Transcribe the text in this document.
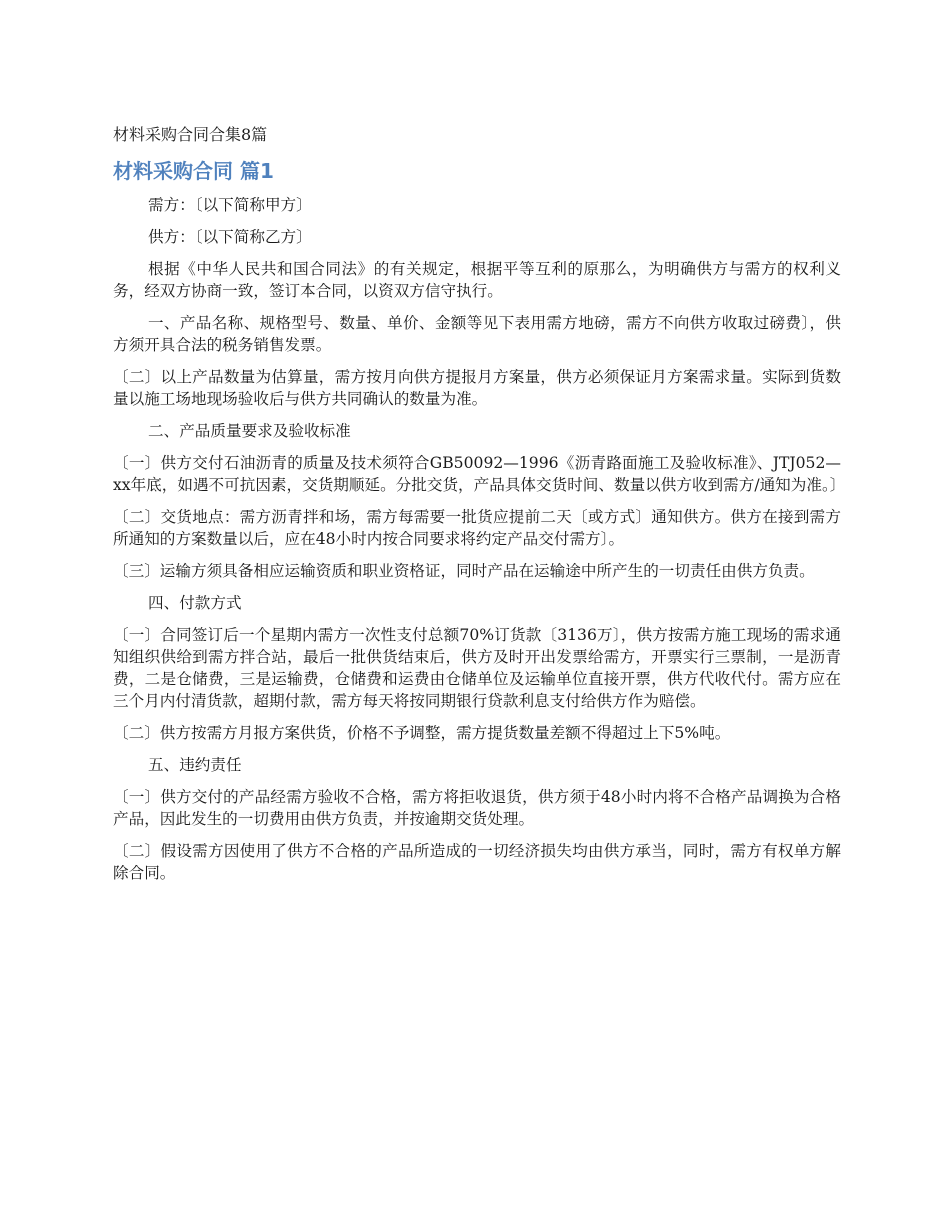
材料采购合同合集8篇
材料采购合同 篇1

需方：〔以下简称甲方〕

供方：〔以下简称乙方〕

根据《中华人民共和国合同法》的有关规定，根据平等互利的原那么，为明确供方与需方的权利义务，经双方协商一致，签订本合同，以资双方信守执行。

一、产品名称、规格型号、数量、单价、金额等见下表用需方地磅，需方不向供方收取过磅费〕，供方须开具合法的税务销售发票。

〔二〕以上产品数量为估算量，需方按月向供方提报月方案量，供方必须保证月方案需求量。实际到货数量以施工场地现场验收后与供方共同确认的数量为准。

二、产品质量要求及验收标准

〔一〕供方交付石油沥青的质量及技术须符合GB50092—1996《沥青路面施工及验收标准》、JTJ052—xx年底，如遇不可抗因素，交货期顺延。分批交货，产品具体交货时间、数量以供方收到需方/通知为准。〕

〔二〕交货地点：需方沥青拌和场，需方每需要一批货应提前二天〔或方式〕通知供方。供方在接到需方所通知的方案数量以后，应在48小时内按合同要求将约定产品交付需方〕。

〔三〕运输方须具备相应运输资质和职业资格证，同时产品在运输途中所产生的一切责任由供方负责。

四、付款方式

〔一〕合同签订后一个星期内需方一次性支付总额70%订货款〔3136万〕，供方按需方施工现场的需求通知组织供给到需方拌合站，最后一批供货结束后，供方及时开出发票给需方，开票实行三票制，一是沥青费，二是仓储费，三是运输费，仓储费和运费由仓储单位及运输单位直接开票，供方代收代付。需方应在三个月内付清货款，超期付款，需方每天将按同期银行贷款利息支付给供方作为赔偿。

〔二〕供方按需方月报方案供货，价格不予调整，需方提货数量差额不得超过上下5%吨。

五、违约责任

〔一〕供方交付的产品经需方验收不合格，需方将拒收退货，供方须于48小时内将不合格产品调换为合格产品，因此发生的一切费用由供方负责，并按逾期交货处理。

〔二〕假设需方因使用了供方不合格的产品所造成的一切经济损失均由供方承当，同时，需方有权单方解除合同。
